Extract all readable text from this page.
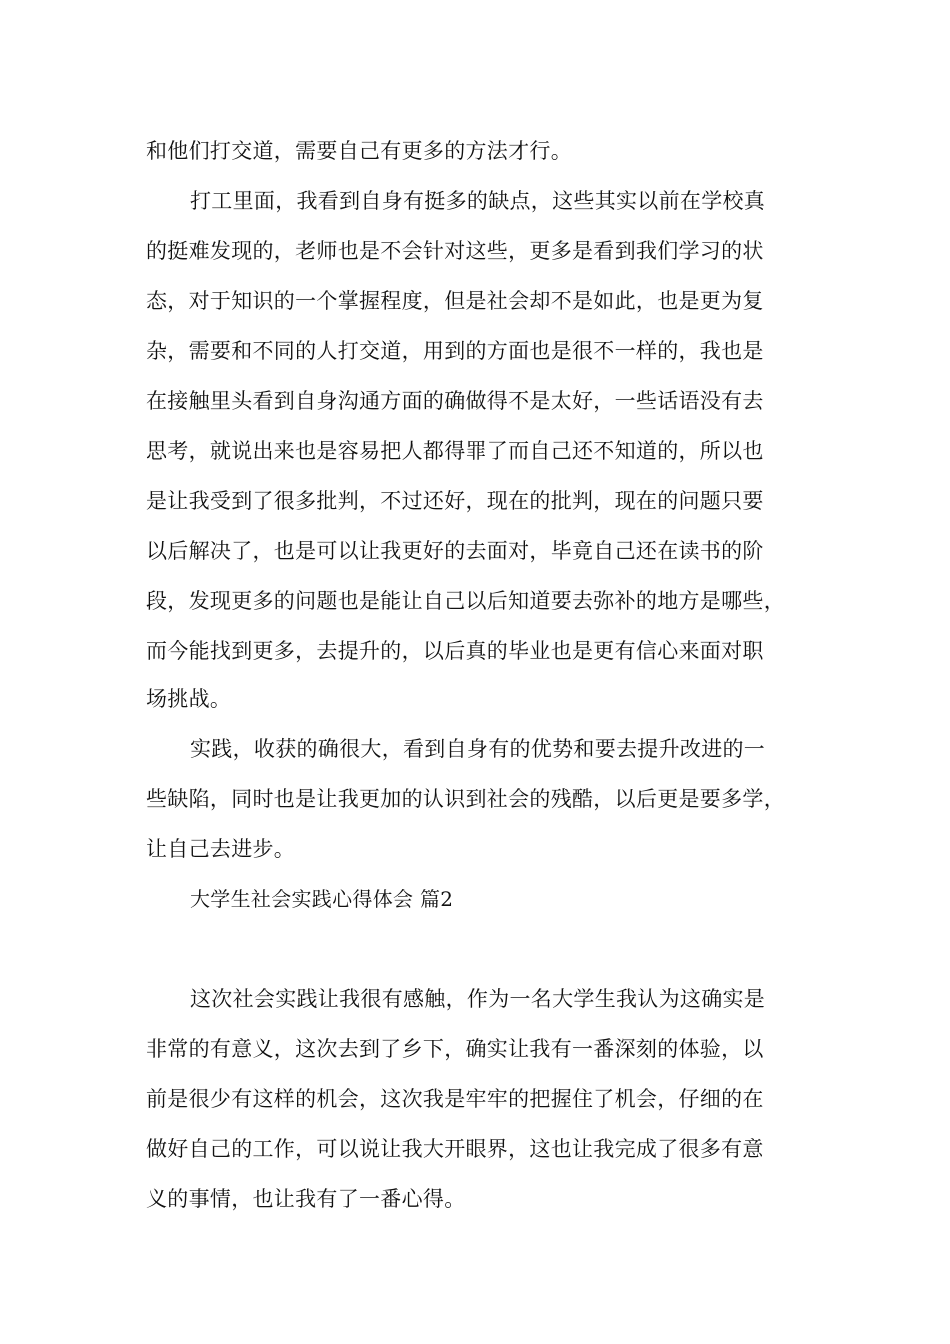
和他们打交道，需要自己有更多的方法才行。
打工里面，我看到自身有挺多的缺点，这些其实以前在学校真
的挺难发现的，老师也是不会针对这些，更多是看到我们学习的状
态，对于知识的一个掌握程度，但是社会却不是如此，也是更为复
杂，需要和不同的人打交道，用到的方面也是很不一样的，我也是
在接触里头看到自身沟通方面的确做得不是太好，一些话语没有去
思考，就说出来也是容易把人都得罪了而自己还不知道的，所以也
是让我受到了很多批判，不过还好，现在的批判，现在的问题只要
以后解决了，也是可以让我更好的去面对，毕竟自己还在读书的阶
段，发现更多的问题也是能让自己以后知道要去弥补的地方是哪些，
而今能找到更多，去提升的，以后真的毕业也是更有信心来面对职
场挑战。
实践，收获的确很大，看到自身有的优势和要去提升改进的一
些缺陷，同时也是让我更加的认识到社会的残酷，以后更是要多学，
让自己去进步。
大学生社会实践心得体会 篇2
这次社会实践让我很有感触，作为一名大学生我认为这确实是
非常的有意义，这次去到了乡下，确实让我有一番深刻的体验，以
前是很少有这样的机会，这次我是牢牢的把握住了机会，仔细的在
做好自己的工作，可以说让我大开眼界，这也让我完成了很多有意
义的事情，也让我有了一番心得。
